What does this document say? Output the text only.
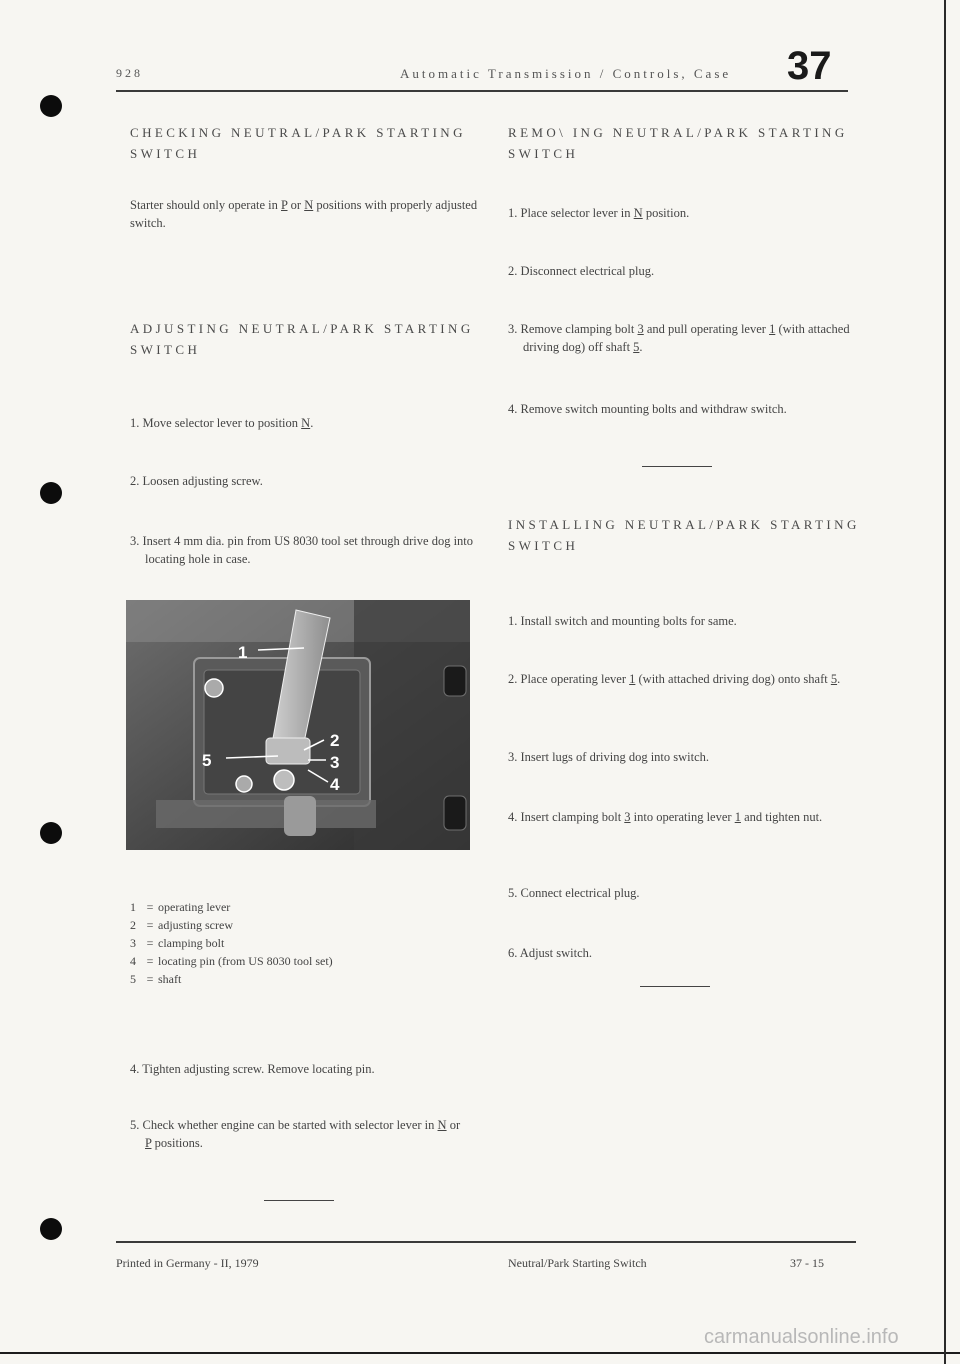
928	Automatic Transmission / Controls, Case 37
CHECKING NEUTRAL/PARK STARTING SWITCH
Starter should only operate in P or N positions with properly adjusted switch.
ADJUSTING NEUTRAL/PARK STARTING SWITCH
1. Move selector lever to position N.
2. Loosen adjusting screw.
3. Insert 4 mm dia. pin from US 8030 tool set through drive dog into locating hole in case.
1
2
3
4
5
1 = operating lever
2 = adjusting screw
3 = clamping bolt
4 = locating pin (from US 8030 tool set)
5 = shaft
4. Tighten adjusting screw. Remove locating pin.
5. Check whether engine can be started with selector lever in N or P positions.
REMO\ ING NEUTRAL/PARK STARTING SWITCH
1. Place selector lever in N position.
2. Disconnect electrical plug.
3. Remove clamping bolt 3 and pull operating lever 1 (with attached driving dog) off shaft 5.
4. Remove switch mounting bolts and withdraw switch.
INSTALLING NEUTRAL/PARK STARTING SWITCH
1. Install switch and mounting bolts for same.
2. Place operating lever 1 (with attached driving dog) onto shaft 5.
3. Insert lugs of driving dog into switch.
4. Insert clamping bolt 3 into operating lever 1 and tighten nut.
5. Connect electrical plug.
6. Adjust switch.
Printed in Germany - II, 1979	Neutral/Park Starting Switch	37 - 15
carmanualsonline.info
